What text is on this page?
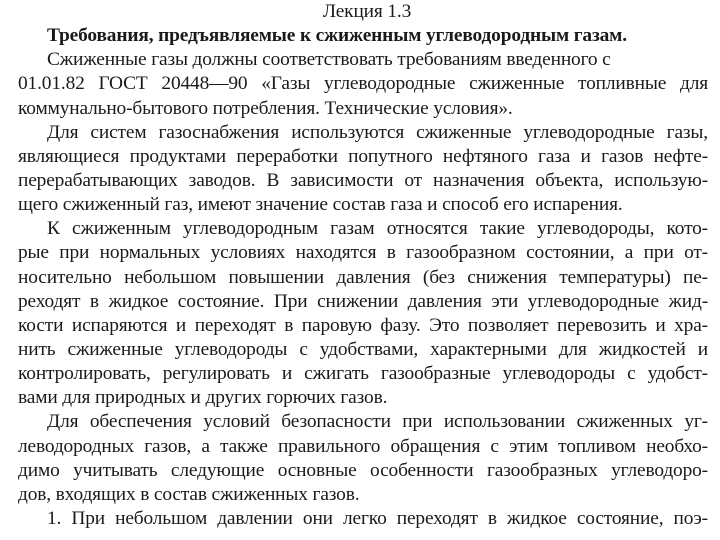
Лекция 1.3
Требования, предъявляемые к сжиженным углеводородным газам.
Сжиженные газы должны соответствовать требованиям введенного с
01.01.82 ГОСТ 20448—90 «Газы углеводородные сжиженные топливные для
коммунально-бытового потребления. Технические условия».
Для систем газоснабжения используются сжиженные углеводородные газы,
являющиеся продуктами переработки попутного нефтяного газа и газов нефте-
перерабатывающих заводов. В зависимости от назначения объекта, использую-
щего сжиженный газ, имеют значение состав газа и способ его испарения.
К сжиженным углеводородным газам относятся такие углеводороды, кото-
рые при нормальных условиях находятся в газообразном состоянии, а при от-
носительно небольшом повышении давления (без снижения температуры) пе-
реходят в жидкое состояние. При снижении давления эти углеводородные жид-
кости испаряются и переходят в паровую фазу. Это позволяет перевозить и хра-
нить сжиженные углеводороды с удобствами, характерными для жидкостей и
контролировать, регулировать и сжигать газообразные углеводороды с удобст-
вами для природных и других горючих газов.
Для обеспечения условий безопасности при использовании сжиженных уг-
леводородных газов, а также правильного обращения с этим топливом необхо-
димо учитывать следующие основные особенности газообразных углеводоро-
дов, входящих в состав сжиженных газов.
1. При небольшом давлении они легко переходят в жидкое состояние, поэ-
